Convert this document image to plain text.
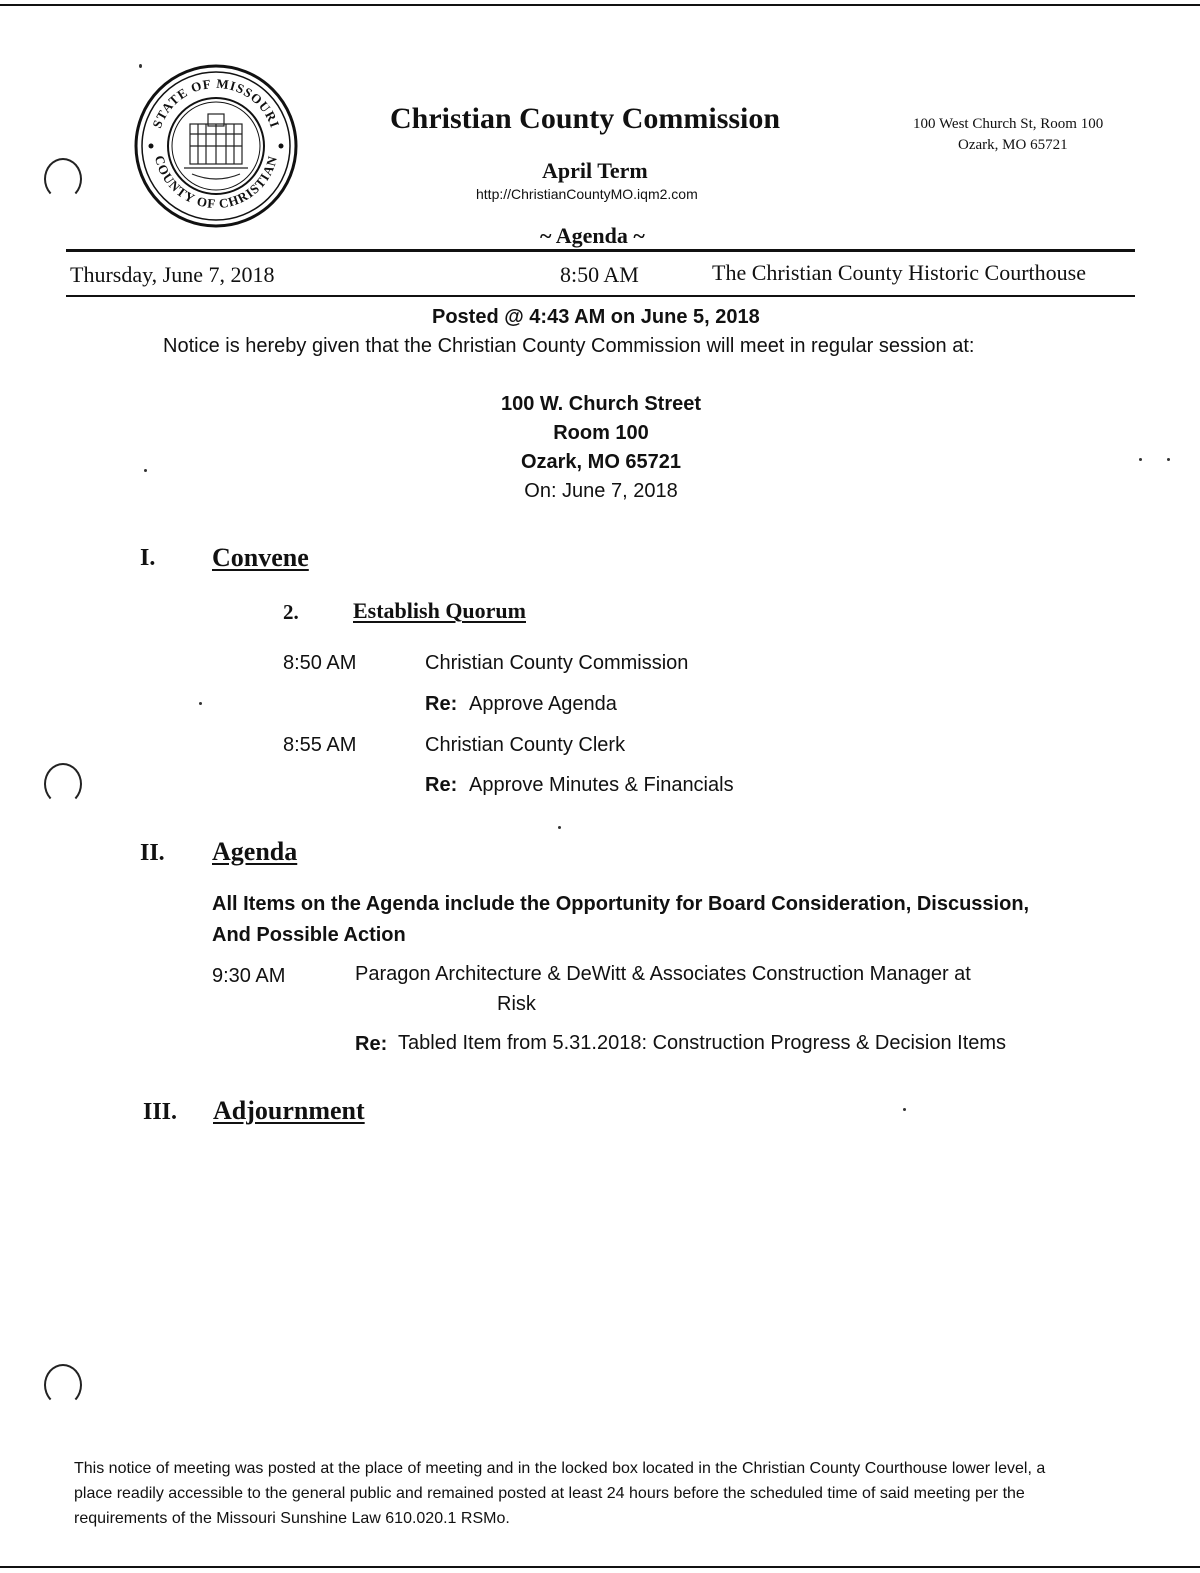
STATE OF MISSOURI
COUNTY OF CHRISTIAN
Christian County Commission	100 West Church St, Room 100
Ozark, MO 65721
April Term
http://ChristianCountyMO.iqm2.com
~ Agenda ~
Thursday, June 7, 2018	8:50 AM	The Christian County Historic Courthouse
Posted @ 4:43 AM on June 5, 2018
Notice is hereby given that the Christian County Commission will meet in regular session at:
100 W. Church Street
Room 100
Ozark, MO 65721
On: June 7, 2018
I. Convene
2. Establish Quorum
8:50 AM	Christian County Commission
Re: Approve Agenda
8:55 AM	Christian County Clerk
Re: Approve Minutes & Financials
II. Agenda
All Items on the Agenda include the Opportunity for Board Consideration, Discussion,
And Possible Action
9:30 AM	Paragon Architecture & DeWitt & Associates Construction Manager at
Risk
Re: Tabled Item from 5.31.2018: Construction Progress & Decision Items
III. Adjournment
This notice of meeting was posted at the place of meeting and in the locked box located in the Christian County Courthouse lower level, a place readily accessible to the general public and remained posted at least 24 hours before the scheduled time of said meeting per the requirements of the Missouri Sunshine Law 610.020.1 RSMo.
